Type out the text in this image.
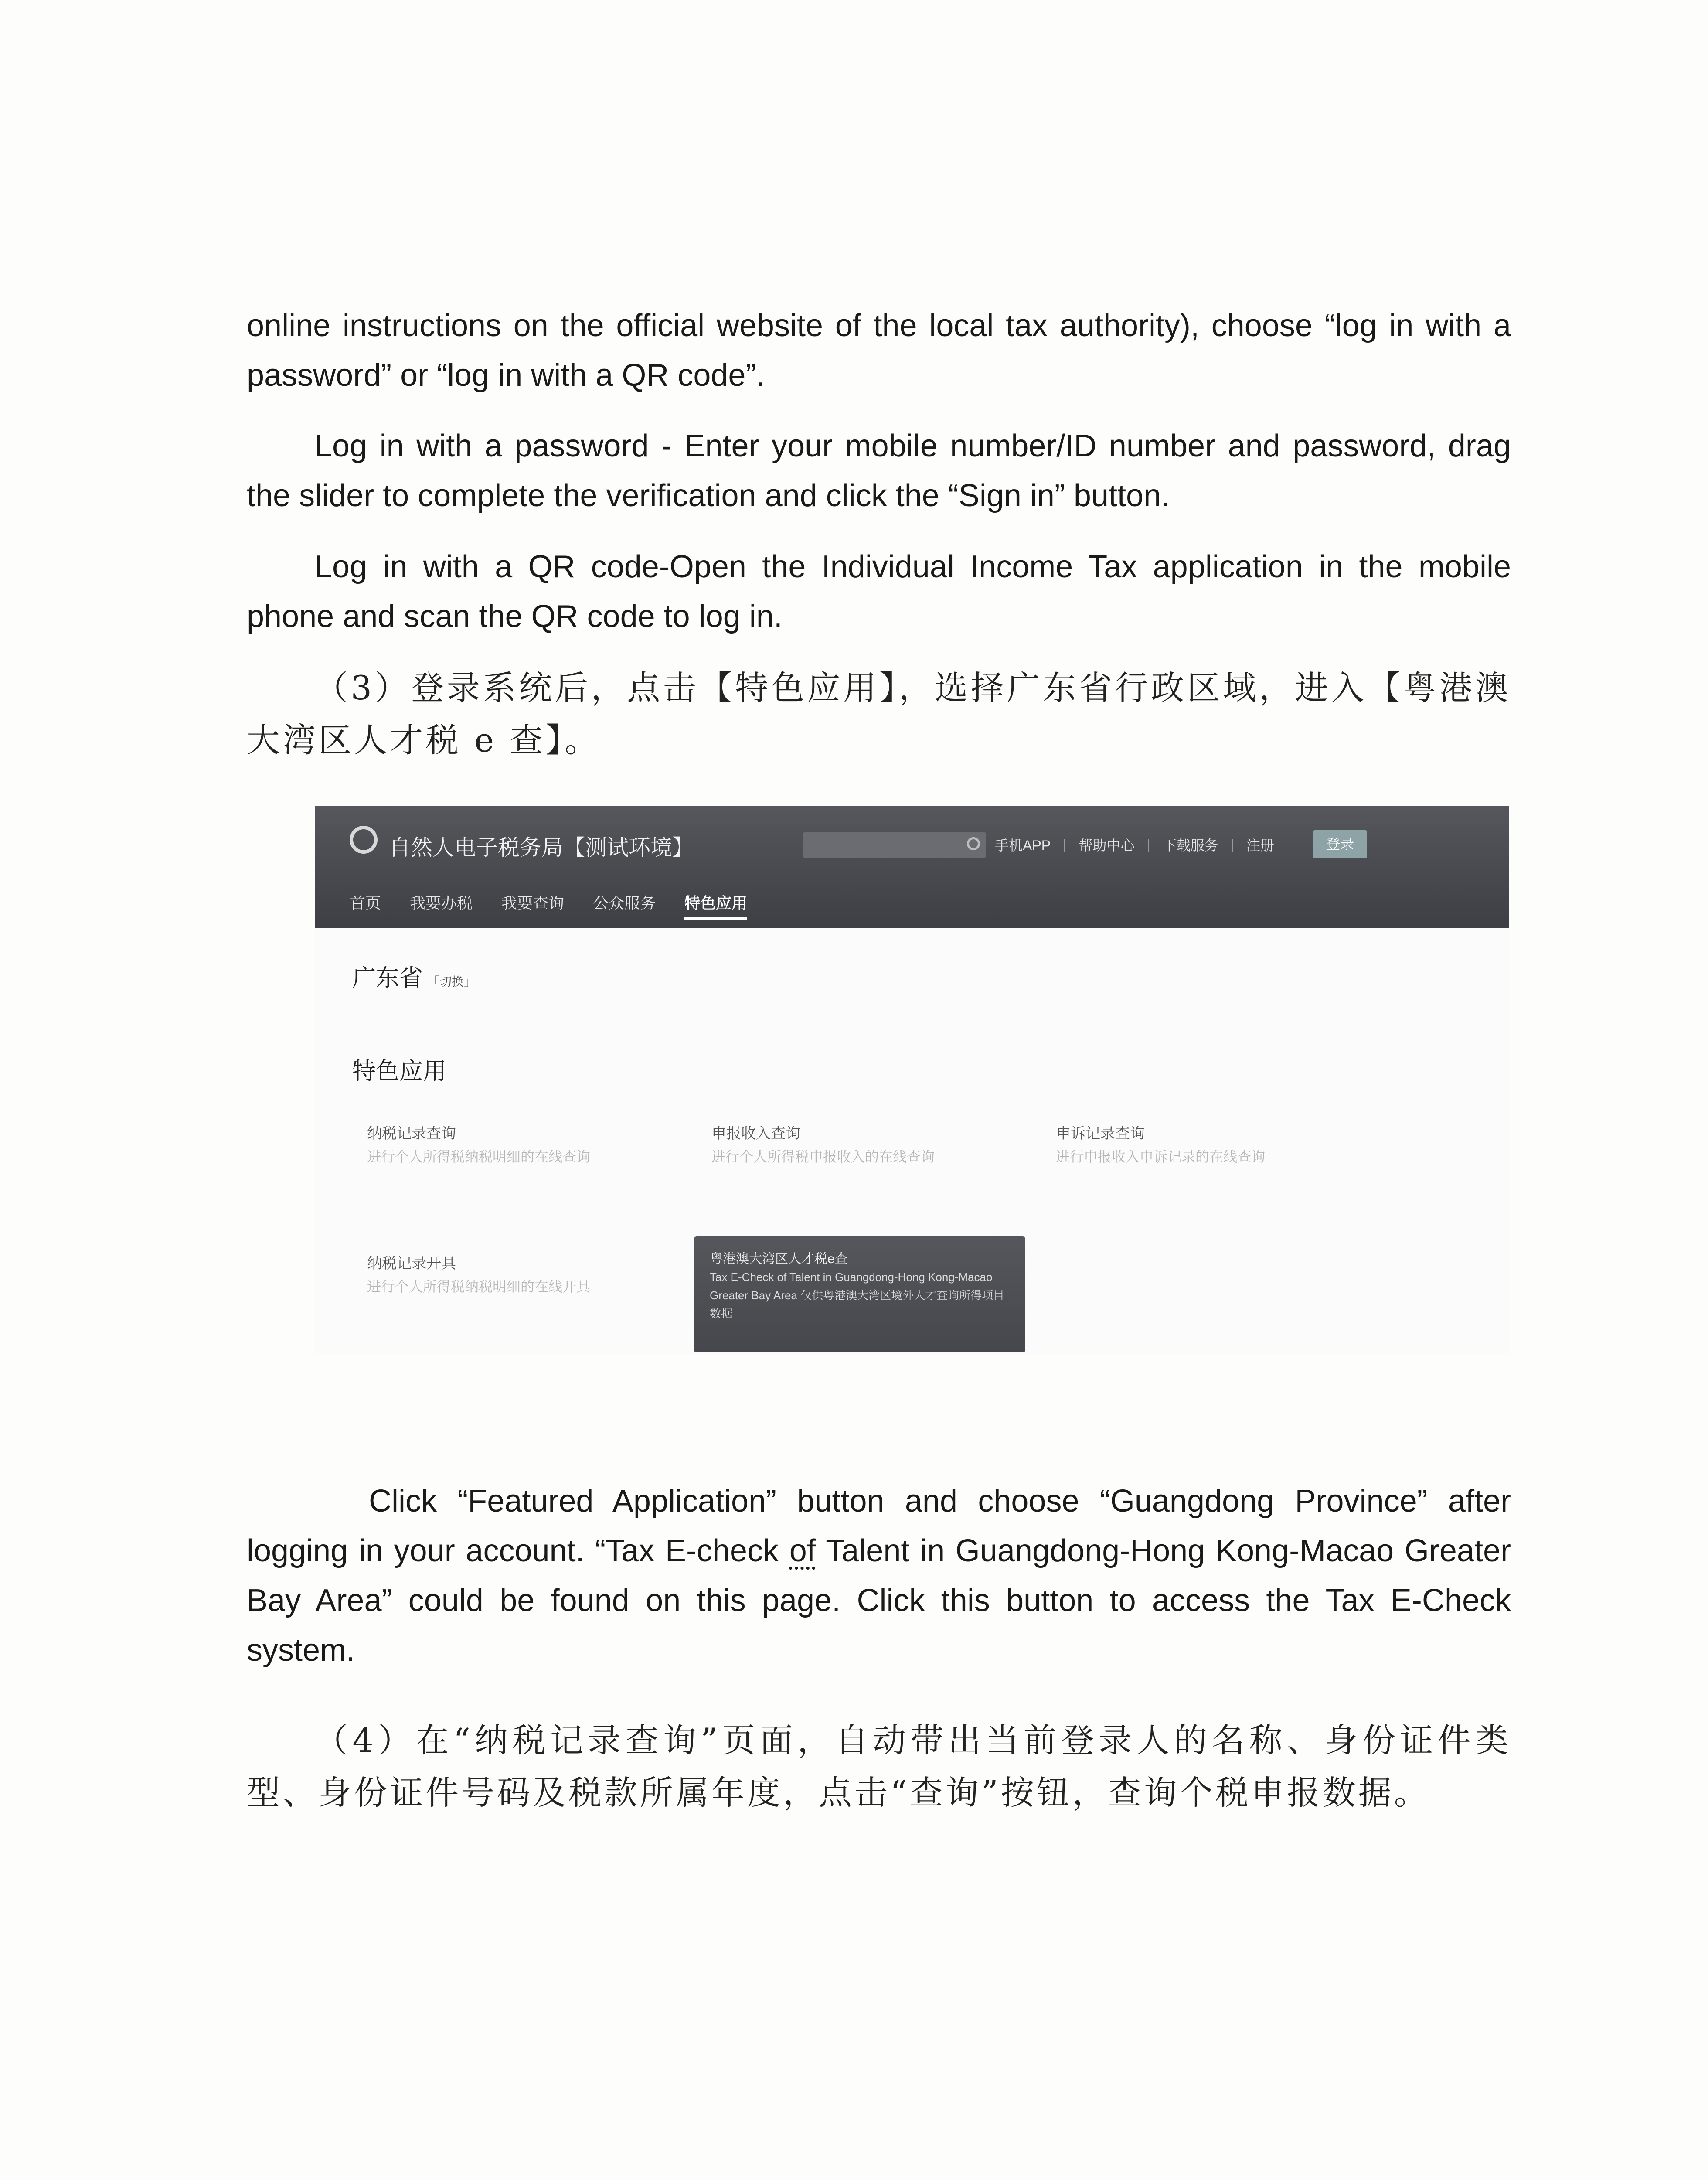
online instructions on the official website of the local tax authority), choose “log in with a password” or “log in with a QR code”.

Log in with a password - Enter your mobile number/ID number and password, drag the slider to complete the verification and click the “Sign in” button.

Log in with a QR code-Open the Individual Income Tax application in the mobile phone and scan the QR code to log in.

（3）登录系统后，点击【特色应用】，选择广东省行政区域，进入【粤港澳大湾区人才税 e 查】。

自然人电子税务局【测试环境】	手机APP | 帮助中心 | 下载服务 | 注册	登录
首页 我要办税 我要查询 公众服务 特色应用
广东省 「切换」
特色应用
纳税记录查询
进行个人所得税纳税明细的在线查询
申报收入查询
进行个人所得税申报收入的在线查询
申诉记录查询
进行申报收入申诉记录的在线查询
纳税记录开具
进行个人所得税纳税明细的在线开具
粤港澳大湾区人才税e查
Tax E-Check of Talent in Guangdong-Hong Kong-Macao Greater Bay Area 仅供粤港澳大湾区境外人才查询所得项目数据

Click “Featured Application” button and choose “Guangdong Province” after logging in your account. “Tax E-check of Talent in Guangdong-Hong Kong-Macao Greater Bay Area” could be found on this page. Click this button to access the Tax E-Check system.

（4）在“纳税记录查询”页面，自动带出当前登录人的名称、身份证件类型、身份证件号码及税款所属年度，点击“查询”按钮，查询个税申报数据。
